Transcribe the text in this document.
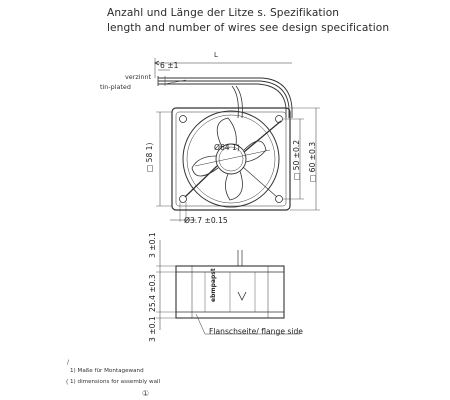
Anzahl und Länge der Litze s. Spezifikation
length and number of wires see design specification
L
6 ±1
verzinnt
tin-plated
Ø64 1)
□ 58 1)
□ 50 ±0.2
□ 60 ±0.3
Ø3.7 ±0.15
3 ±0.1
25.4 ±0.3
3 ±0.1
ebmpapst
Flanschseite/ flange side
/
1) Maße für Montagewand
( 1) dimensions for assembly wall
①
